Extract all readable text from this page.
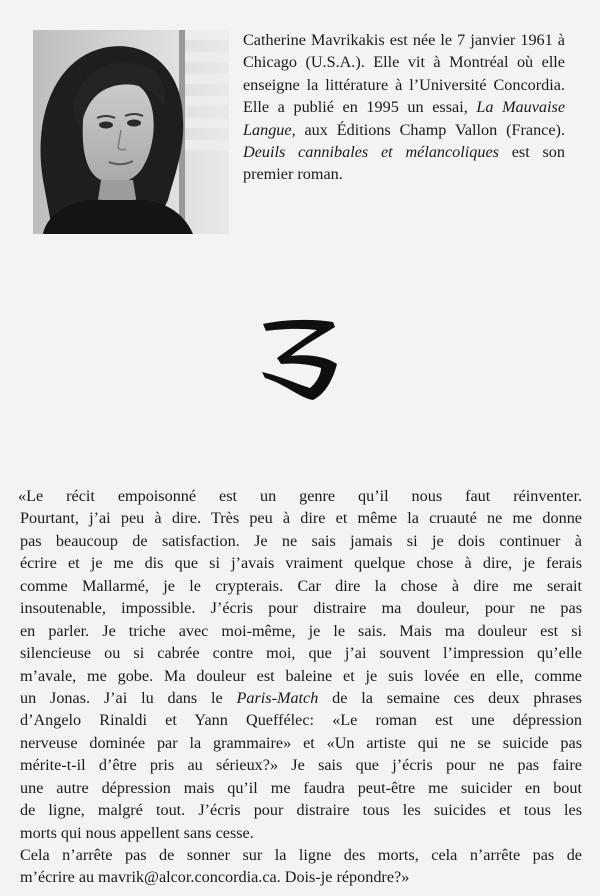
Catherine Mavrikakis est née le 7 janvier 1961 à Chicago (U.S.A.). Elle vit à Montréal où elle enseigne la littérature à l’Université Concordia. Elle a publié en 1995 un essai, La Mauvaise Langue, aux Éditions Champ Vallon (France). Deuils cannibales et mélancoliques est son premier roman.

«Le récit empoisonné est un genre qu’il nous faut réinventer.
Pourtant, j’ai peu à dire. Très peu à dire et même la cruauté ne me donne
pas beaucoup de satisfaction. Je ne sais jamais si je dois continuer à
écrire et je me dis que si j’avais vraiment quelque chose à dire, je ferais
comme Mallarmé, je le crypterais. Car dire la chose à dire me serait
insoutenable, impossible. J’écris pour distraire ma douleur, pour ne pas
en parler. Je triche avec moi-même, je le sais. Mais ma douleur est si
silencieuse ou si cabrée contre moi, que j’ai souvent l’impression qu’elle
m’avale, me gobe. Ma douleur est baleine et je suis lovée en elle, comme
un Jonas. J’ai lu dans le Paris-Match de la semaine ces deux phrases
d’Angelo Rinaldi et Yann Queffélec: «Le roman est une dépression
nerveuse dominée par la grammaire» et «Un artiste qui ne se suicide pas
mérite-t-il d’être pris au sérieux?» Je sais que j’écris pour ne pas faire
une autre dépression mais qu’il me faudra peut-être me suicider en bout
de ligne, malgré tout. J’écris pour distraire tous les suicides et tous les
morts qui nous appellent sans cesse.
Cela n’arrête pas de sonner sur la ligne des morts, cela n’arrête pas de
m’écrire au mavrik@alcor.concordia.ca. Dois-je répondre?»
